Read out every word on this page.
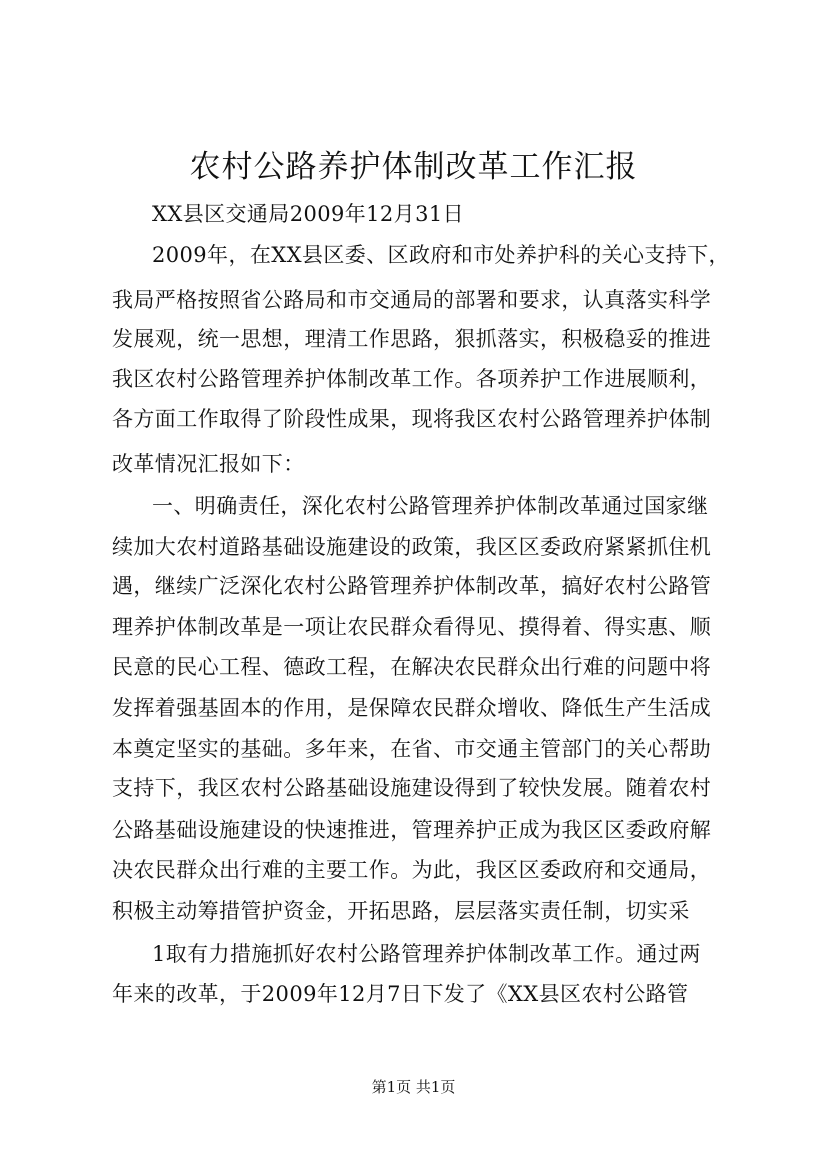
农村公路养护体制改革工作汇报

XX县区交通局2009年12月31日

2009年，在XX县区委、区政府和市处养护科的关心支持下，

我局严格按照省公路局和市交通局的部署和要求，认真落实科学

发展观，统一思想，理清工作思路，狠抓落实，积极稳妥的推进

我区农村公路管理养护体制改革工作。各项养护工作进展顺利，

各方面工作取得了阶段性成果，现将我区农村公路管理养护体制

改革情况汇报如下：

一、明确责任，深化农村公路管理养护体制改革通过国家继

续加大农村道路基础设施建设的政策，我区区委政府紧紧抓住机

遇，继续广泛深化农村公路管理养护体制改革，搞好农村公路管

理养护体制改革是一项让农民群众看得见、摸得着、得实惠、顺

民意的民心工程、德政工程，在解决农民群众出行难的问题中将

发挥着强基固本的作用，是保障农民群众增收、降低生产生活成

本奠定坚实的基础。多年来，在省、市交通主管部门的关心帮助

支持下，我区农村公路基础设施建设得到了较快发展。随着农村

公路基础设施建设的快速推进，管理养护正成为我区区委政府解

决农民群众出行难的主要工作。为此，我区区委政府和交通局，

积极主动筹措管护资金，开拓思路，层层落实责任制，切实采

1取有力措施抓好农村公路管理养护体制改革工作。通过两

年来的改革，于2009年12月7日下发了《XX县区农村公路管

第1页 共1页
